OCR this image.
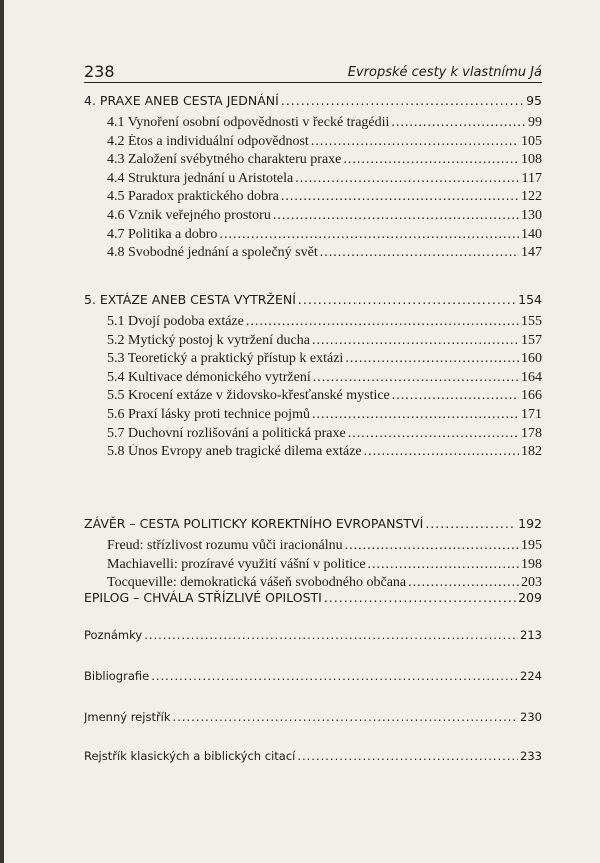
238	Evropské cesty k vlastnímu Já
4. PRAXE ANEB CESTA JEDNÁNÍ .....	95
4.1 Vynoření osobní odpovědnosti v řecké tragédii .....	99
4.2 Étos a individuální odpovědnost .....	105
4.3 Založení svébytného charakteru praxe .....	108
4.4 Struktura jednání u Aristotela .....	117
4.5 Paradox praktického dobra .....	122
4.6 Vznik veřejného prostoru .....	130
4.7 Politika a dobro .....	140
4.8 Svobodné jednání a společný svět .....	147
5. EXTÁZE ANEB CESTA VYTRŽENÍ .....	154
5.1 Dvojí podoba extáze .....	155
5.2 Mytický postoj k vytržení ducha .....	157
5.3 Teoretický a praktický přístup k extázi .....	160
5.4 Kultivace démonického vytržení .....	164
5.5 Krocení extáze v židovsko-křesťanské mystice .....	166
5.6 Praxí lásky proti technice pojmů .....	171
5.7 Duchovní rozlišování a politická praxe .....	178
5.8 Únos Evropy aneb tragické dilema extáze .....	182
ZÁVĚR – CESTA POLITICKY KOREKTNÍHO EVROPANSTVÍ .....	192
Freud: střízlivost rozumu vůči iracionálnu .....	195
Machiavelli: prozíravé využití vášní v politice .....	198
Tocqueville: demokratická vášeň svobodného občana .....	203
EPILOG – CHVÁLA STŘÍZLIVÉ OPILOSTI .....	209
Poznámky .....	213
Bibliografie .....	224
Jmenný rejstřík .....	230
Rejstřík klasických a biblických citací .....	233
